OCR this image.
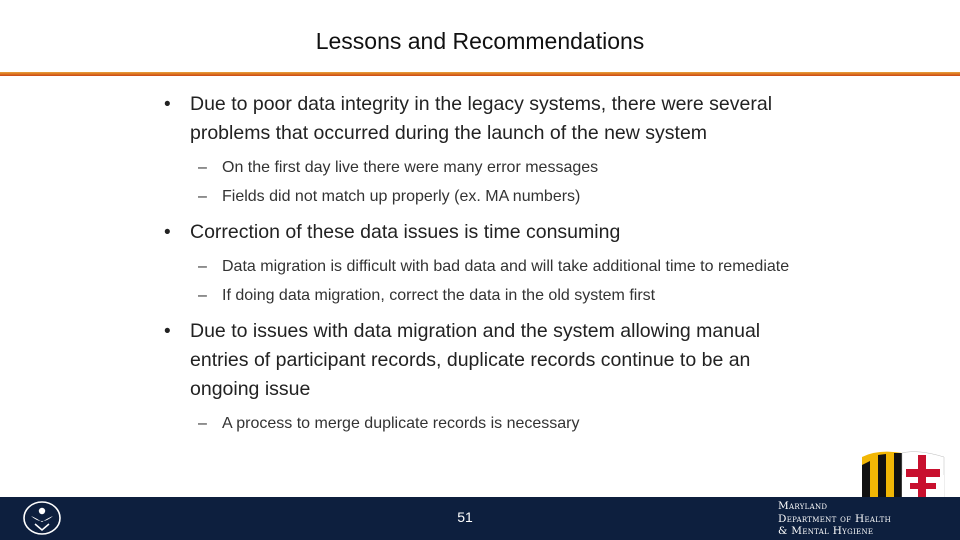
Lessons and Recommendations
• Due to poor data integrity in the legacy systems, there were several problems that occurred during the launch of the new system
– On the first day live there were many error messages
– Fields did not match up properly (ex. MA numbers)
• Correction of these data issues is time consuming
– Data migration is difficult with bad data and will take additional time to remediate
– If doing data migration, correct the data in the old system first
• Due to issues with data migration and the system allowing manual entries of participant records, duplicate records continue to be an ongoing issue
– A process to merge duplicate records is necessary
51
Maryland
Department of Health
& Mental Hygiene
